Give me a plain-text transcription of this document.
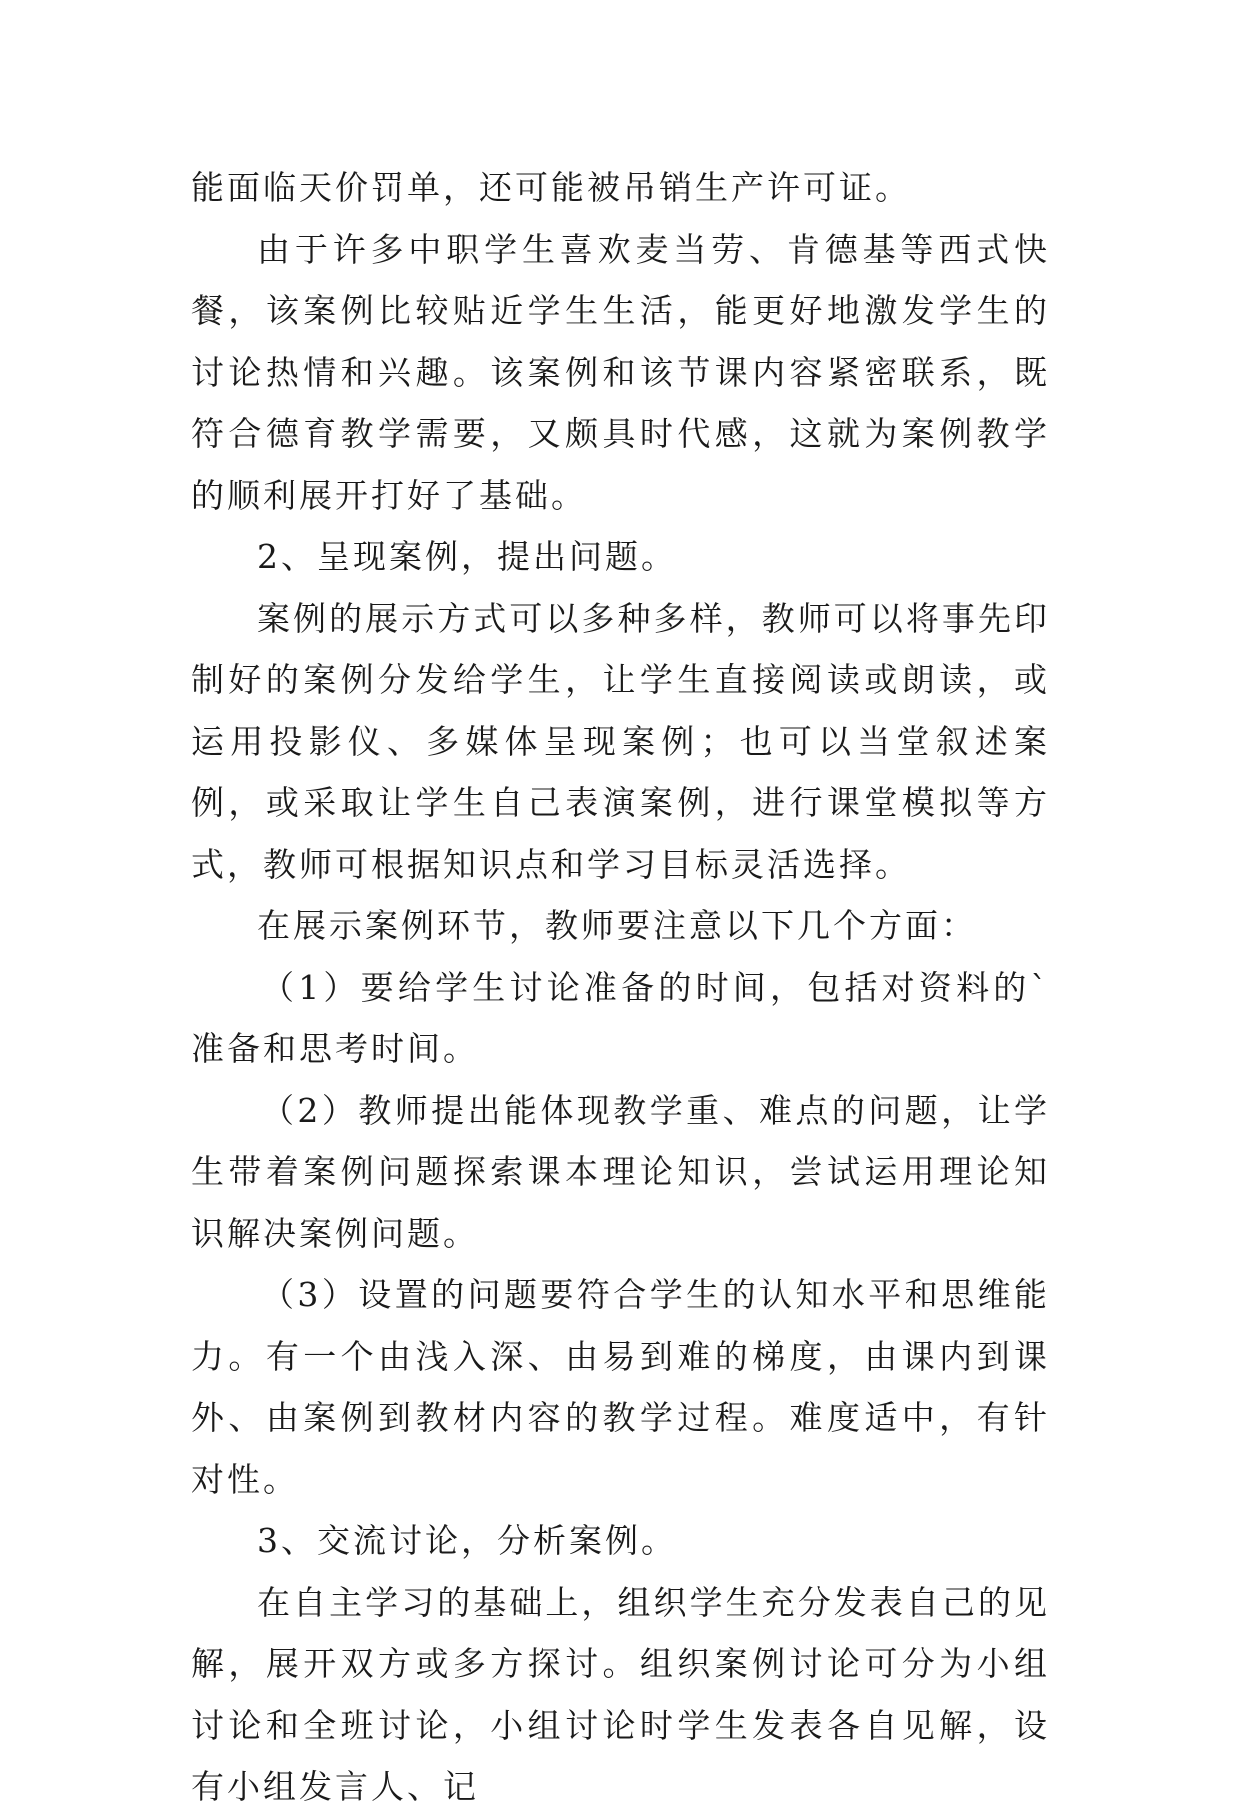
能面临天价罚单，还可能被吊销生产许可证。

由于许多中职学生喜欢麦当劳、肯德基等西式快餐，该案例比较贴近学生生活，能更好地激发学生的讨论热情和兴趣。该案例和该节课内容紧密联系，既符合德育教学需要，又颇具时代感，这就为案例教学的顺利展开打好了基础。

2、呈现案例，提出问题。

案例的展示方式可以多种多样，教师可以将事先印制好的案例分发给学生，让学生直接阅读或朗读，或运用投影仪、多媒体呈现案例；也可以当堂叙述案例，或采取让学生自己表演案例，进行课堂模拟等方式，教师可根据知识点和学习目标灵活选择。

在展示案例环节，教师要注意以下几个方面：

（1）要给学生讨论准备的时间，包括对资料的`准备和思考时间。

（2）教师提出能体现教学重、难点的问题，让学生带着案例问题探索课本理论知识，尝试运用理论知识解决案例问题。

（3）设置的问题要符合学生的认知水平和思维能力。有一个由浅入深、由易到难的梯度，由课内到课外、由案例到教材内容的教学过程。难度适中，有针对性。

3、交流讨论，分析案例。

在自主学习的基础上，组织学生充分发表自己的见解，展开双方或多方探讨。组织案例讨论可分为小组讨论和全班讨论，小组讨论时学生发表各自见解，设有小组发言人、记
